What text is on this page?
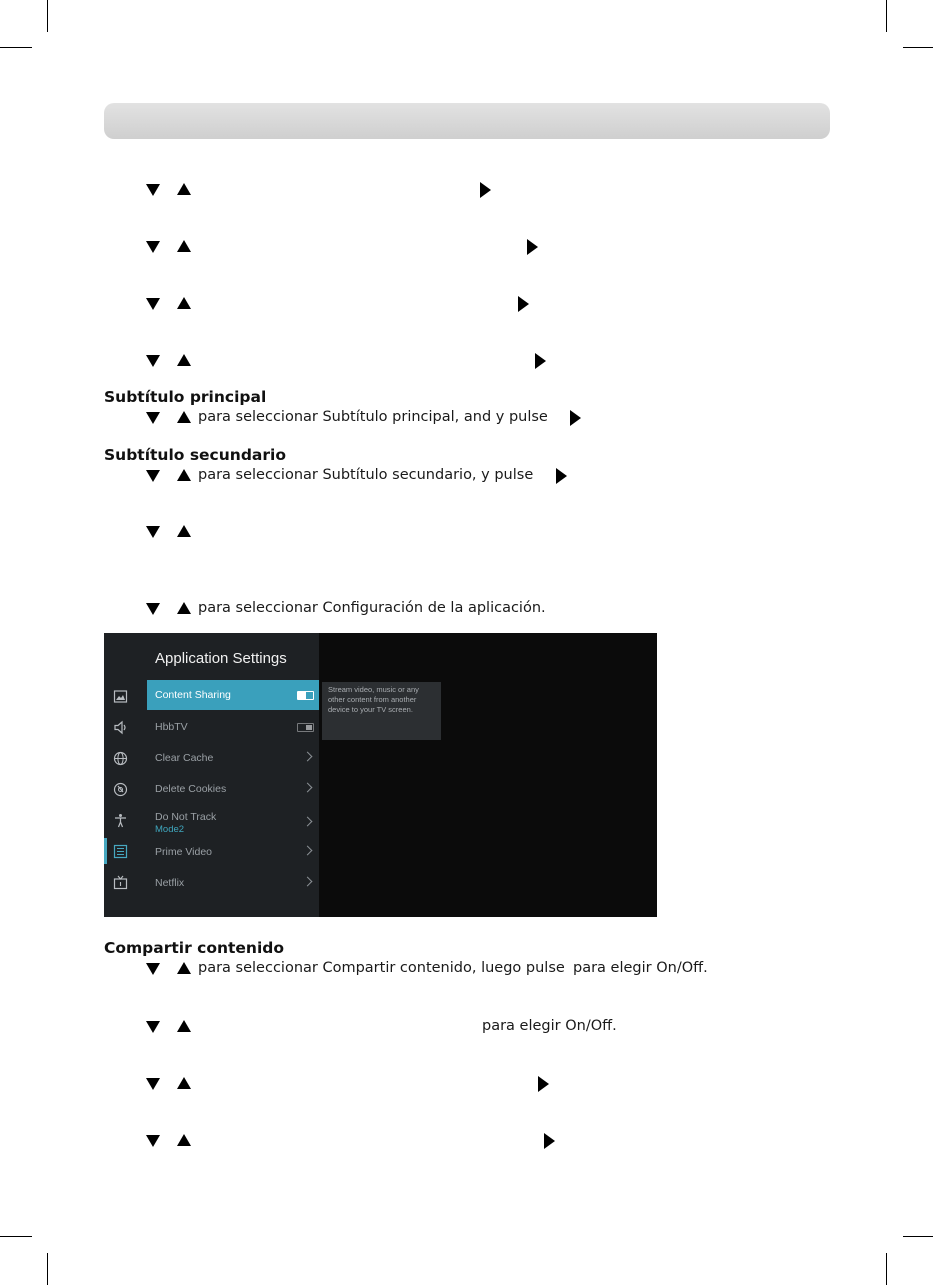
Subtítulo principal
para seleccionar Subtítulo principal, and y pulse
Subtítulo secundario
para seleccionar Subtítulo secundario, y pulse
para seleccionar Configuración de la aplicación.
Application Settings
Content Sharing
HbbTV
Clear Cache
Delete Cookies
Do Not Track
Mode2
Prime Video
Netflix
Stream video, music or any other content from another device to your TV screen.
Compartir contenido
para seleccionar Compartir contenido, luego pulse para elegir On/Off.
para elegir On/Off.
